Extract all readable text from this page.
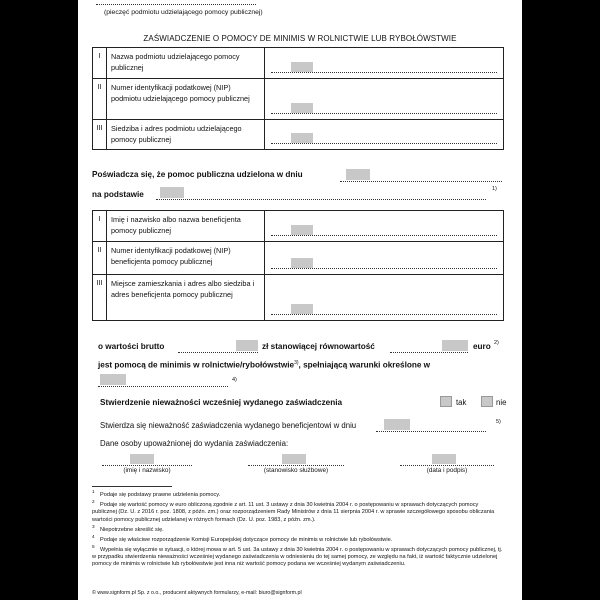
(pieczęć podmiotu udzielającego pomocy publicznej)
ZAŚWIADCZENIE O POMOCY DE MINIMIS W ROLNICTWIE LUB RYBOŁÓWSTWIE
I	Nazwa podmiotu udzielającego pomocy publicznej	

II	Numer identyfikacji podatkowej (NIP) podmiotu udzielającego pomocy publicznej	

III	Siedziba i adres podmiotu udzielającego pomocy publicznej	
Poświadcza się, że pomoc publiczna udzielona w dniu
na podstawie
1)
I	Imię i nazwisko albo nazwa beneficjenta pomocy publicznej	

II	Numer identyfikacji podatkowej (NIP) beneficjenta pomocy publicznej	

III	Miejsce zamieszkania i adres albo siedziba i adres beneficjenta pomocy publicznej	
o wartości brutto	zł stanowiącej równowartość	euro 2)
jest pomocą de minimis w rolnictwie/rybołówstwie$^{3)}$, spełniającą warunki określone w
4)
Stwierdzenie nieważności wcześniej wydanego zaświadczenia	tak	nie
Stwierdza się nieważność zaświadczenia wydanego beneficjentowi w dniu	5)
Dane osoby upoważnionej do wydania zaświadczenia:
(imię i nazwisko)	(stanowisko służbowe)	(data i podpis)
$^1$Podaje się podstawy prawne udzielenia pomocy.
$^2$Podaje się wartość pomocy w euro obliczoną zgodnie z art. 11 ust. 3 ustawy z dnia 30 kwietnia 2004 r. o postępowaniu w sprawach dotyczących pomocy publicznej (Dz. U. z 2016 r. poz. 1808, z późn. zm.) oraz rozporządzeniem Rady Ministrów z dnia 11 sierpnia 2004 r. w sprawie szczegółowego sposobu obliczania wartości pomocy publicznej udzielanej w różnych formach (Dz. U. poz. 1983, z późn. zm.).
$^3$Niepotrzebne skreślić się.
$^4$Podaje się właściwe rozporządzenie Komisji Europejskiej dotyczące pomocy de minimis w rolnictwie lub rybołówstwie.
$^5$Wypełnia się wyłącznie w sytuacji, o której mowa w art. 5 ust. 3a ustawy z dnia 30 kwietnia 2004 r. o postępowaniu w sprawach dotyczących pomocy publicznej, tj. w przypadku stwierdzenia nieważności wcześniej wydanego zaświadczenia w odniesieniu do tej samej pomocy, ze względu na fakt, iż wartość faktycznie udzielonej pomocy de minimis w rolnictwie lub rybołówstwie jest inna niż wartość pomocy podana we wcześniej wydanym zaświadczeniu.
© www.signform.pl Sp. z o.o., producent aktywnych formularzy, e-mail: biuro@signform.pl
